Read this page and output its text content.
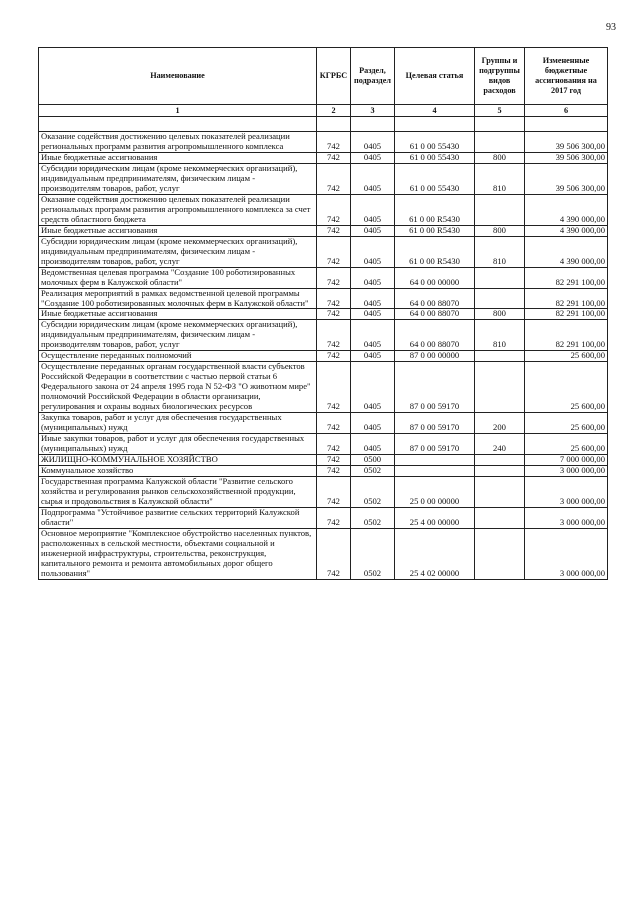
93
Наименование	КГРБС	Раздел, подраздел	Целевая статья	Группы и подгруппы видов расходов	Измененные бюджетные ассигнования на 2017 год
1	2	3	4	5	6

Оказание содействия достижению целевых показателей реализации региональных программ развития агропромышленного комплекса	742	0405	61 0 00 55430		39 506 300,00
Иные бюджетные ассигнования	742	0405	61 0 00 55430	800	39 506 300,00
Субсидии юридическим лицам (кроме некоммерческих организаций), индивидуальным предпринимателям, физическим лицам - производителям товаров, работ, услуг	742	0405	61 0 00 55430	810	39 506 300,00
Оказание содействия достижению целевых показателей реализации региональных программ развития агропромышленного комплекса за счет средств областного бюджета	742	0405	61 0 00 R5430		4 390 000,00
Иные бюджетные ассигнования	742	0405	61 0 00 R5430	800	4 390 000,00
Субсидии юридическим лицам (кроме некоммерческих организаций), индивидуальным предпринимателям, физическим лицам - производителям товаров, работ, услуг	742	0405	61 0 00 R5430	810	4 390 000,00
Ведомственная целевая программа "Создание 100 роботизированных молочных ферм в Калужской области"	742	0405	64 0 00 00000		82 291 100,00
Реализация мероприятий в рамках ведомственной целевой программы "Создание 100 роботизированных молочных ферм в Калужской области"	742	0405	64 0 00 88070		82 291 100,00
Иные бюджетные ассигнования	742	0405	64 0 00 88070	800	82 291 100,00
Субсидии юридическим лицам (кроме некоммерческих организаций), индивидуальным предпринимателям, физическим лицам - производителям товаров, работ, услуг	742	0405	64 0 00 88070	810	82 291 100,00
Осуществление переданных полномочий	742	0405	87 0 00 00000		25 600,00
Осуществление переданных органам государственной власти субъектов Российской Федерации в соответствии с частью первой статьи 6 Федерального закона от 24 апреля 1995 года N 52-ФЗ "О животном мире" полномочий Российской Федерации в области организации, регулирования и охраны водных биологических ресурсов	742	0405	87 0 00 59170		25 600,00
Закупка товаров, работ и услуг для обеспечения государственных (муниципальных) нужд	742	0405	87 0 00 59170	200	25 600,00
Иные закупки товаров, работ и услуг для обеспечения государственных (муниципальных) нужд	742	0405	87 0 00 59170	240	25 600,00
ЖИЛИЩНО-КОММУНАЛЬНОЕ ХОЗЯЙСТВО	742	0500			7 000 000,00
Коммунальное хозяйство	742	0502			3 000 000,00
Государственная программа Калужской области "Развитие сельского хозяйства и регулирования рынков сельскохозяйственной продукции, сырья и продовольствия в Калужской области"	742	0502	25 0 00 00000		3 000 000,00
Подпрограмма "Устойчивое развитие сельских территорий Калужской области"	742	0502	25 4 00 00000		3 000 000,00
Основное мероприятие "Комплексное обустройство населенных пунктов, расположенных в сельской местности, объектами социальной и инженерной инфраструктуры, строительства, реконструкция, капитального ремонта и ремонта автомобильных дорог общего пользования"	742	0502	25 4 02 00000		3 000 000,00
